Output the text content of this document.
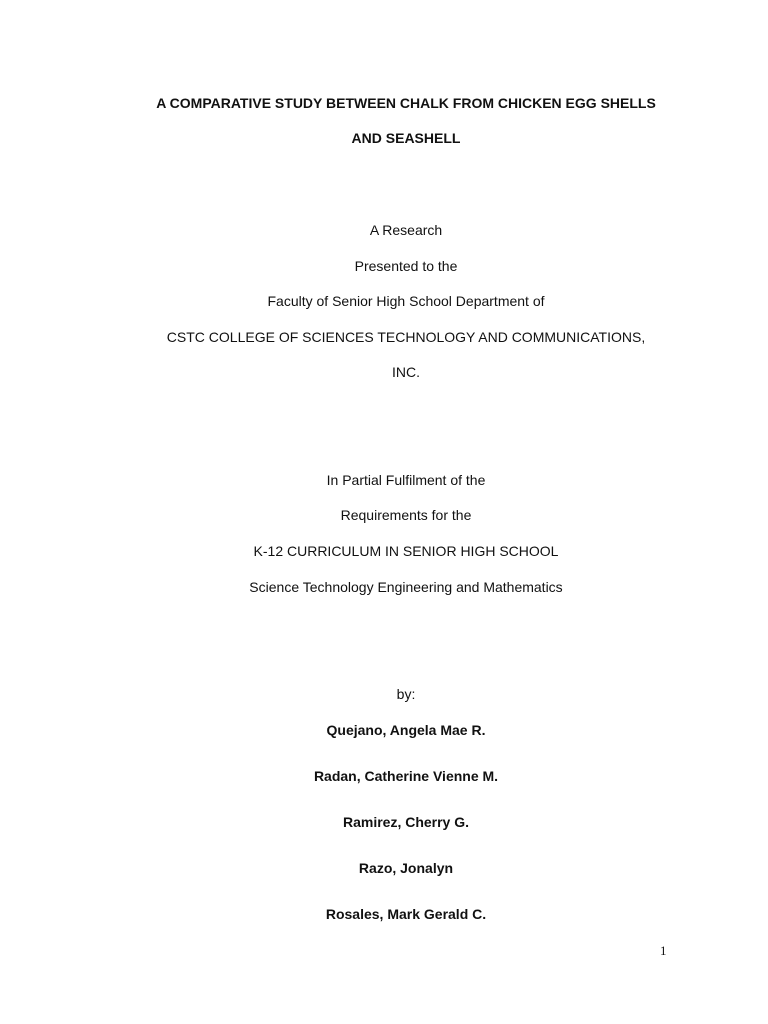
A COMPARATIVE STUDY BETWEEN CHALK FROM CHICKEN EGG SHELLS
AND SEASHELL
A Research
Presented to the
Faculty of Senior High School Department of
CSTC COLLEGE OF SCIENCES TECHNOLOGY AND COMMUNICATIONS,
INC.
In Partial Fulfilment of the
Requirements for the
K-12 CURRICULUM IN SENIOR HIGH SCHOOL
Science Technology Engineering and Mathematics
by:
Quejano, Angela Mae R.
Radan, Catherine Vienne M.
Ramirez, Cherry G.
Razo, Jonalyn
Rosales, Mark Gerald C.
1
